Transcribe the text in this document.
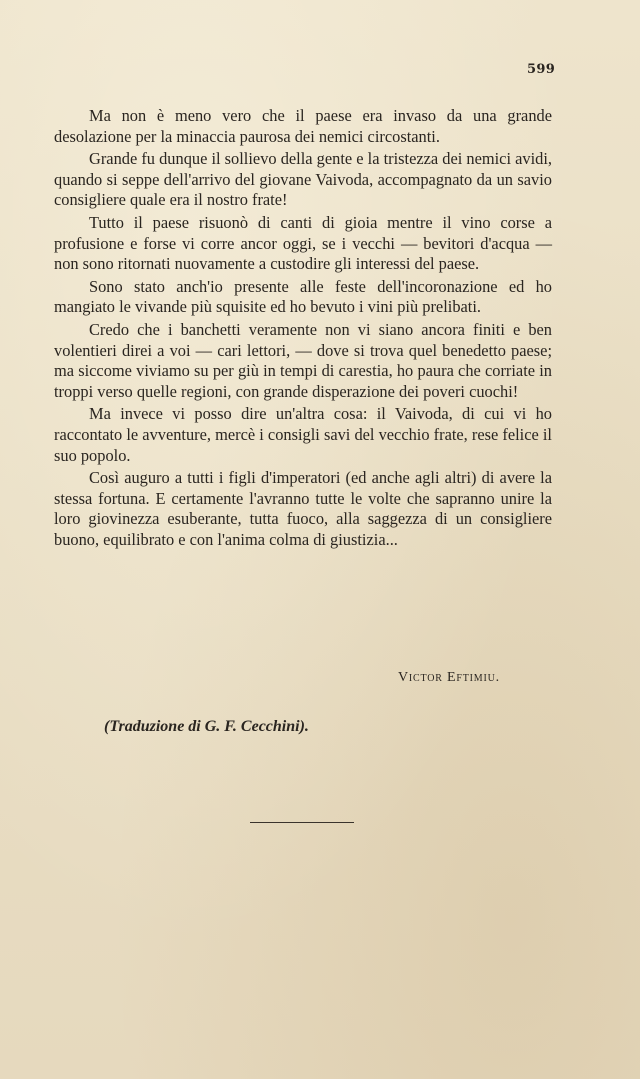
599

Ma non è meno vero che il paese era invaso da una grande desolazione per la minaccia paurosa dei nemici circostanti.

Grande fu dunque il sollievo della gente e la tristezza dei nemici avidi, quando si seppe dell'arrivo del giovane Vaivoda, accompagnato da un savio consigliere quale era il nostro frate!

Tutto il paese risuonò di canti di gioia mentre il vino corse a profusione e forse vi corre ancor oggi, se i vecchi — bevitori d'acqua — non sono ritornati nuovamente a custodire gli interessi del paese.

Sono stato anch'io presente alle feste dell'incoronazione ed ho mangiato le vivande più squisite ed ho bevuto i vini più prelibati.

Credo che i banchetti veramente non vi siano ancora finiti e ben volentieri direi a voi — cari lettori, — dove si trova quel benedetto paese; ma siccome viviamo su per giù in tempi di carestia, ho paura che corriate in troppi verso quelle regioni, con grande disperazione dei poveri cuochi!

Ma invece vi posso dire un'altra cosa: il Vaivoda, di cui vi ho raccontato le avventure, mercè i consigli savi del vecchio frate, rese felice il suo popolo.

Così auguro a tutti i figli d'imperatori (ed anche agli altri) di avere la stessa fortuna. E certamente l'avranno tutte le volte che sapranno unire la loro giovinezza esuberante, tutta fuoco, alla saggezza di un consigliere buono, equilibrato e con l'anima colma di giustizia...

Victor Eftimiu.
(Traduzione di G. F. Cecchini).
